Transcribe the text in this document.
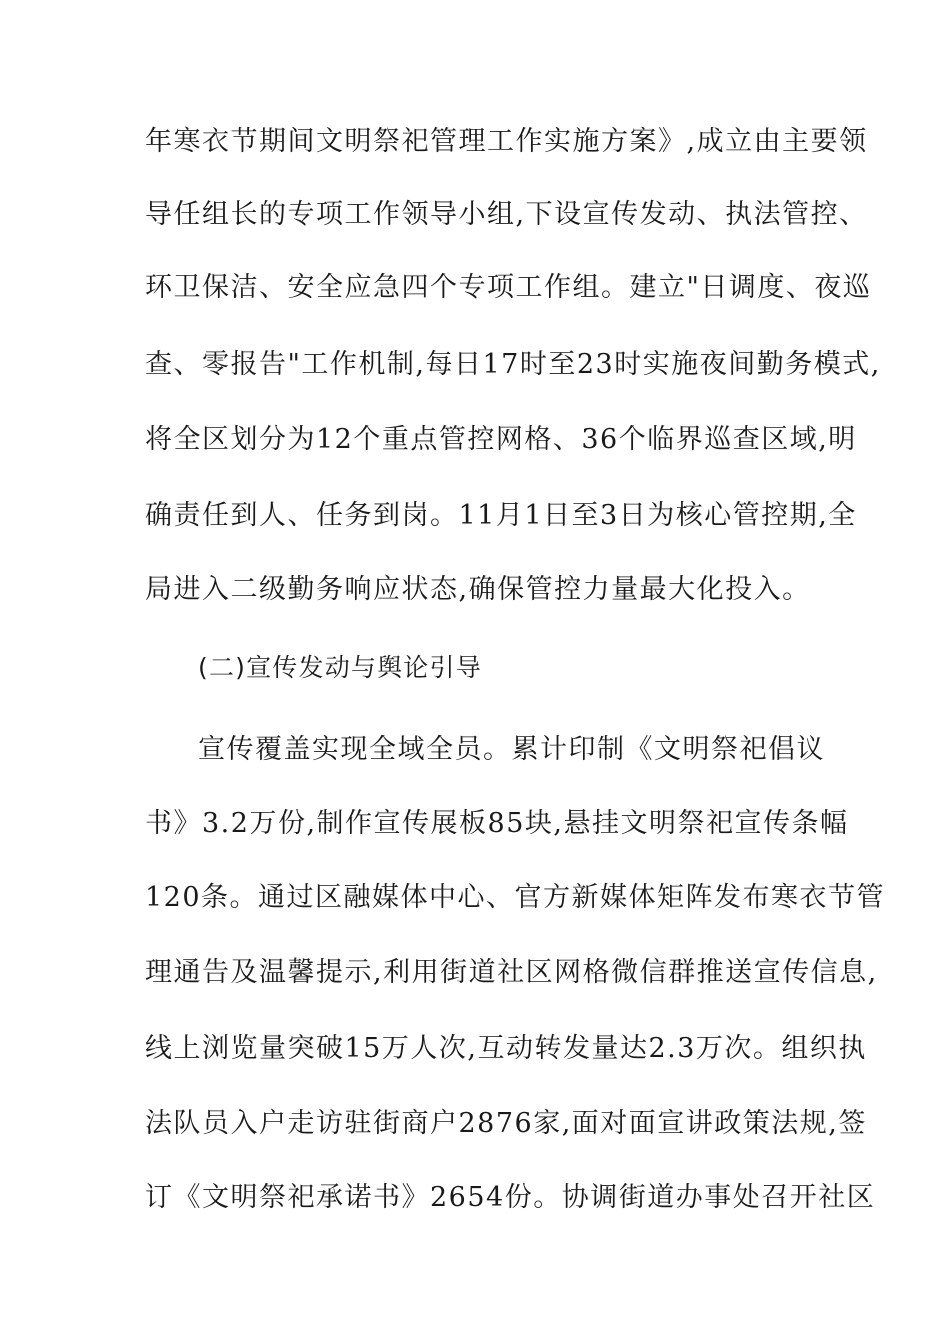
年寒衣节期间文明祭祀管理工作实施方案》,成立由主要领

导任组长的专项工作领导小组,下设宣传发动、执法管控、

环卫保洁、安全应急四个专项工作组。建立"日调度、夜巡

查、零报告"工作机制,每日17时至23时实施夜间勤务模式,

将全区划分为12个重点管控网格、36个临界巡查区域,明

确责任到人、任务到岗。11月1日至3日为核心管控期,全

局进入二级勤务响应状态,确保管控力量最大化投入。

(二)宣传发动与舆论引导

宣传覆盖实现全域全员。累计印制《文明祭祀倡议

书》3.2万份,制作宣传展板85块,悬挂文明祭祀宣传条幅

120条。通过区融媒体中心、官方新媒体矩阵发布寒衣节管

理通告及温馨提示,利用街道社区网格微信群推送宣传信息,

线上浏览量突破15万人次,互动转发量达2.3万次。组织执

法队员入户走访驻街商户2876家,面对面宣讲政策法规,签

订《文明祭祀承诺书》2654份。协调街道办事处召开社区
